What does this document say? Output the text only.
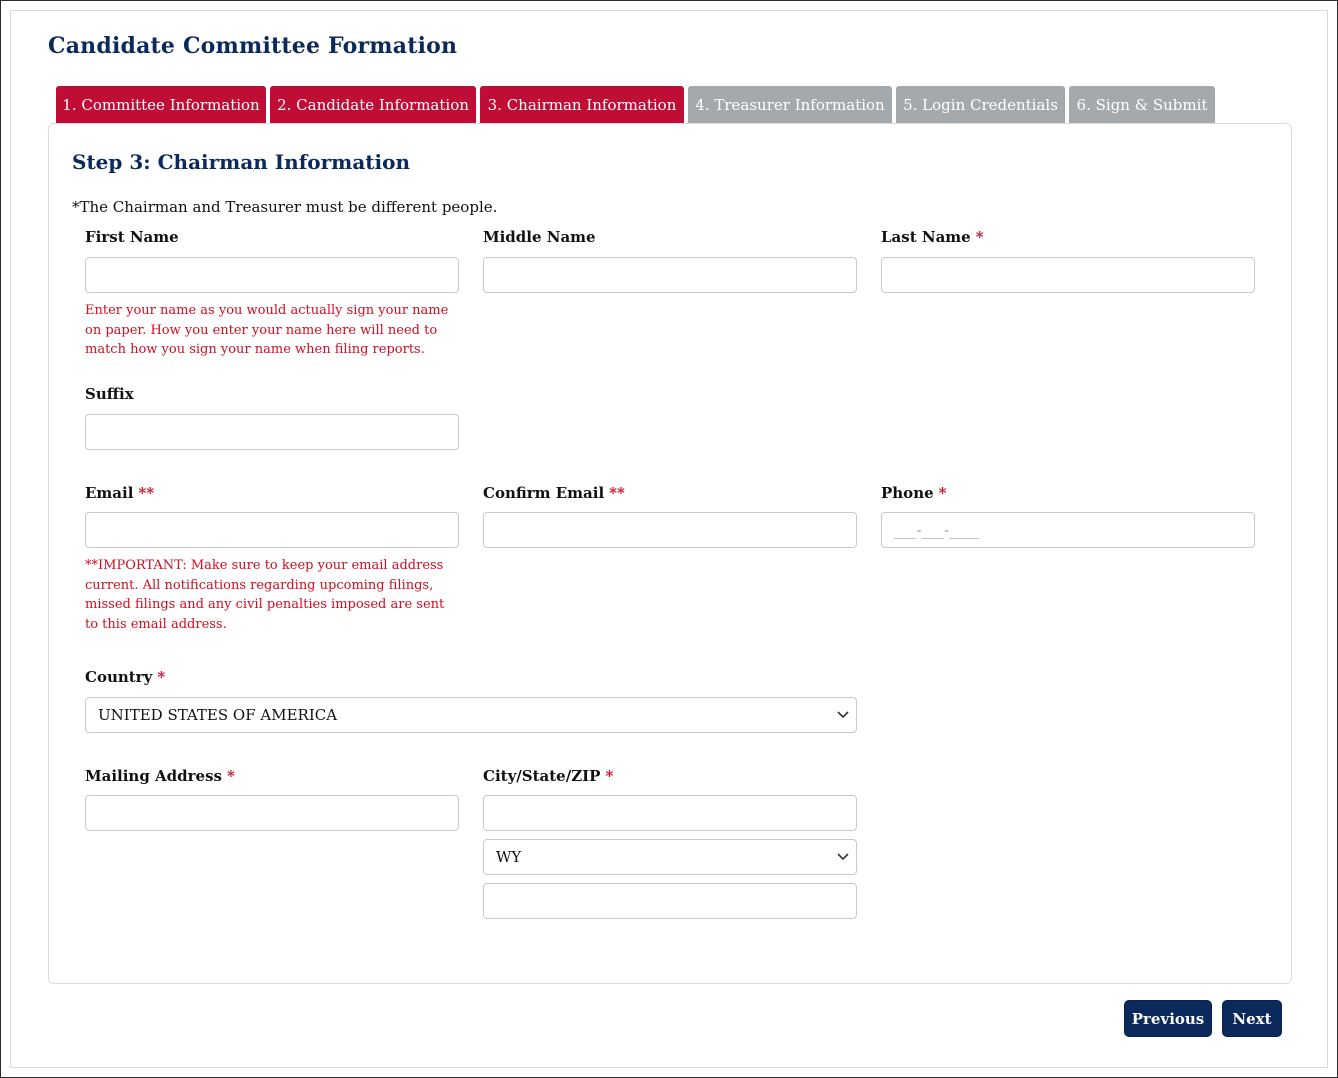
Candidate Committee Formation
1. Committee Information	2. Candidate Information	3. Chairman Information	4. Treasurer Information	5. Login Credentials	6. Sign & Submit
Step 3: Chairman Information
*The Chairman and Treasurer must be different people.
First Name	Middle Name	Last Name *
Enter your name as you would actually sign your name on paper. How you enter your name here will need to match how you sign your name when filing reports.
Suffix
Email **	Confirm Email **	Phone *
___-___-____
**IMPORTANT: Make sure to keep your email address current. All notifications regarding upcoming filings, missed filings and any civil penalties imposed are sent to this email address.
Country *
UNITED STATES OF AMERICA
Mailing Address *	City/State/ZIP *
WY
Previous	Next
